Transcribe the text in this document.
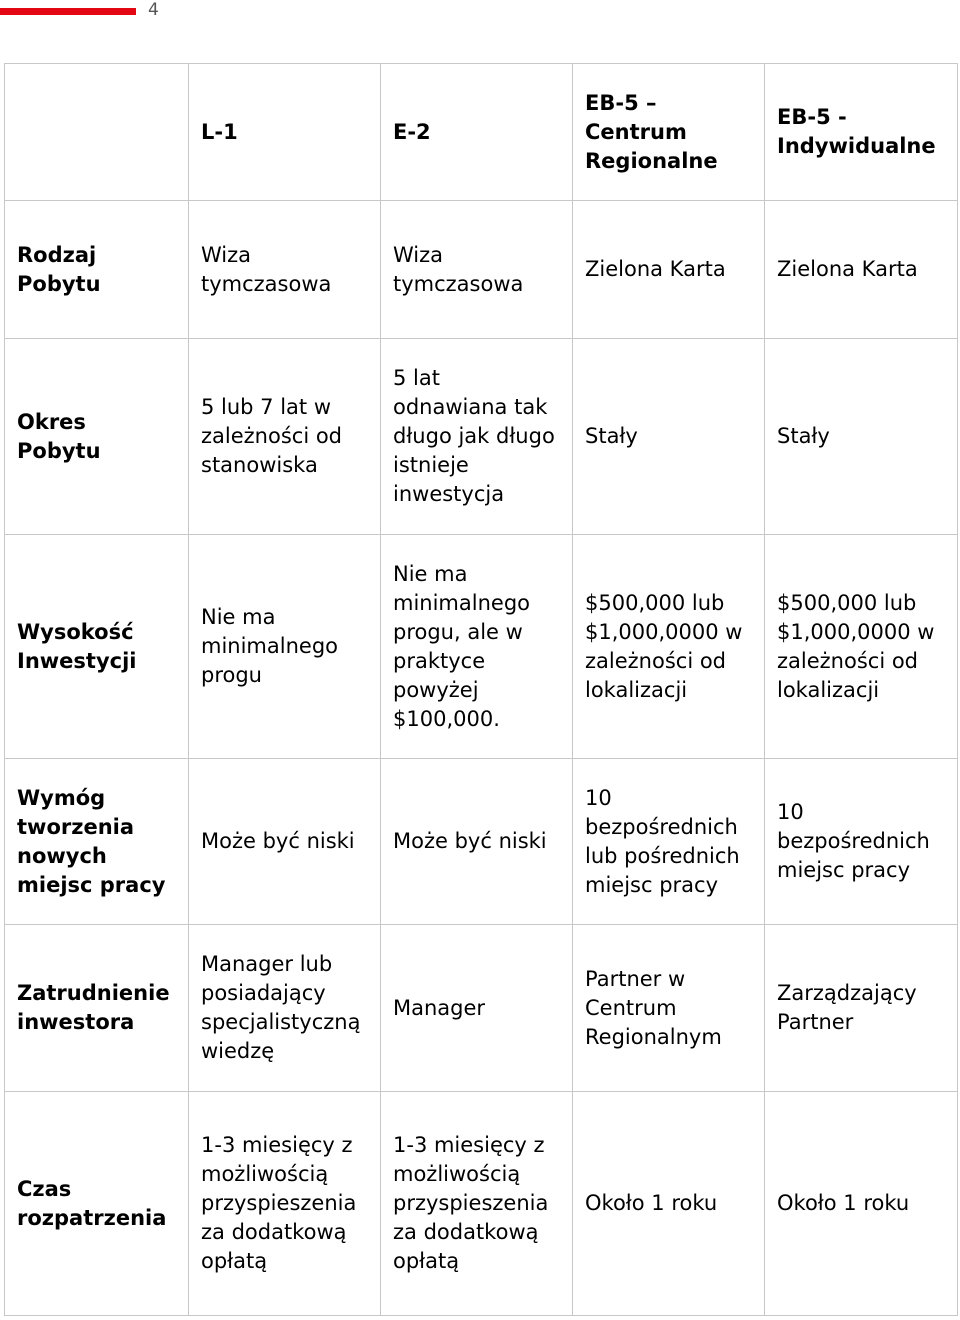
4
	L-1	E-2	EB-5 – Centrum Regionalne	EB-5 - Indywidualne
Rodzaj Pobytu	Wiza tymczasowa	Wiza tymczasowa	Zielona Karta	Zielona Karta
Okres Pobytu	5 lub 7 lat w zależności od stanowiska	5 lat odnawiana tak długo jak długo istnieje inwestycja	Stały	Stały
Wysokość Inwestycji	Nie ma minimalnego progu	Nie ma minimalnego progu, ale w praktyce powyżej $100,000.	$500,000 lub $1,000,0000 w zależności od lokalizacji	$500,000 lub $1,000,0000 w zależności od lokalizacji
Wymóg tworzenia nowych miejsc pracy	Może być niski	Może być niski	10 bezpośrednich lub pośrednich miejsc pracy	10 bezpośrednich miejsc pracy
Zatrudnienie inwestora	Manager lub posiadający specjalistyczną wiedzę	Manager	Partner w Centrum Regionalnym	Zarządzający Partner
Czas rozpatrzenia	1-3 miesięcy z możliwością przyspieszenia za dodatkową opłatą	1-3 miesięcy z możliwością przyspieszenia za dodatkową opłatą	Około 1 roku	Około 1 roku
